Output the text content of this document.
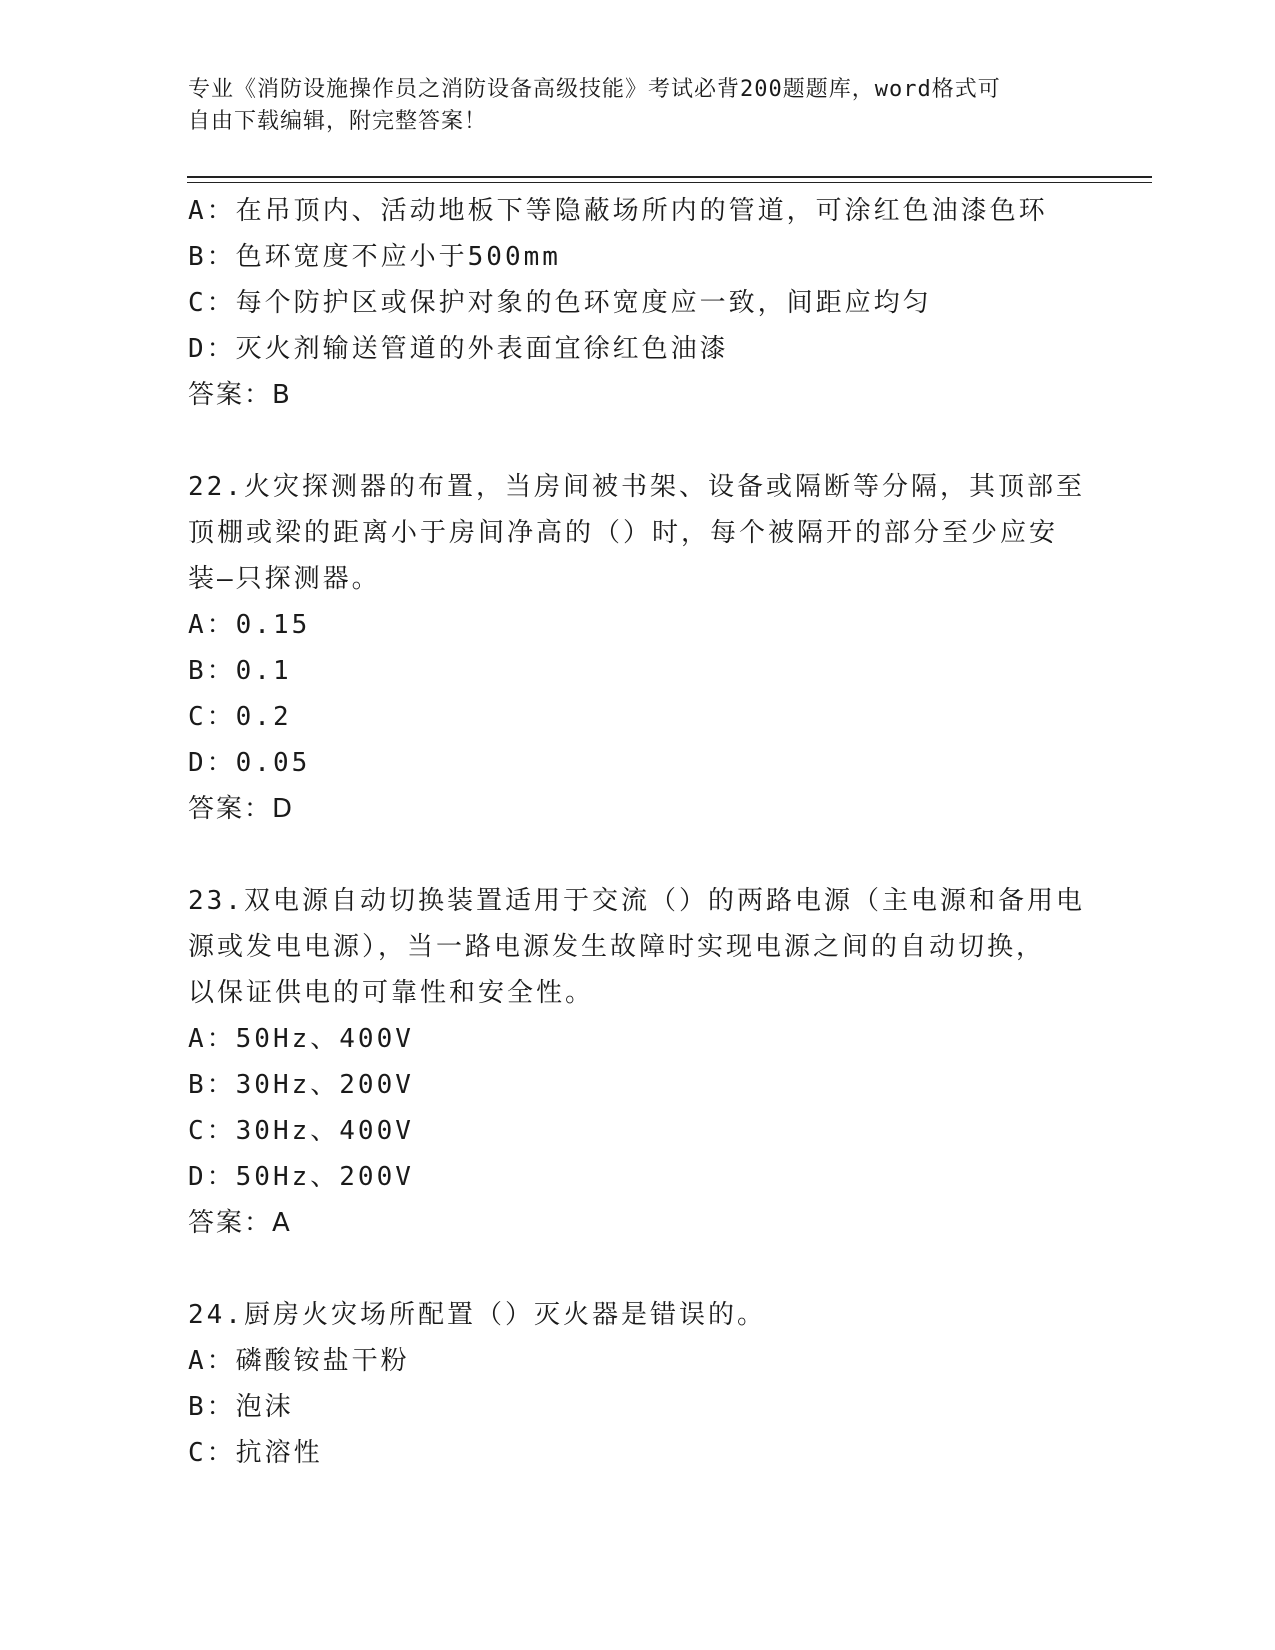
专业《消防设施操作员之消防设备高级技能》考试必背200题题库，word格式可
自由下载编辑，附完整答案！
A：在吊顶内、活动地板下等隐蔽场所内的管道，可涂红色油漆色环
B：色环宽度不应小于500mm
C：每个防护区或保护对象的色环宽度应一致，间距应均匀
D：灭火剂输送管道的外表面宜徐红色油漆
答案：B
22.火灾探测器的布置，当房间被书架、设备或隔断等分隔，其顶部至
顶棚或梁的距离小于房间净高的（）时，每个被隔开的部分至少应安
装—只探测器。
A：0.15
B：0.1
C：0.2
D：0.05
答案：D
23.双电源自动切换装置适用于交流（）的两路电源（主电源和备用电
源或发电电源），当一路电源发生故障时实现电源之间的自动切换，
以保证供电的可靠性和安全性。
A：50Hz、400V
B：30Hz、200V
C：30Hz、400V
D：50Hz、200V
答案：A
24.厨房火灾场所配置（）灭火器是错误的。
A：磷酸铵盐干粉
B：泡沫
C：抗溶性
